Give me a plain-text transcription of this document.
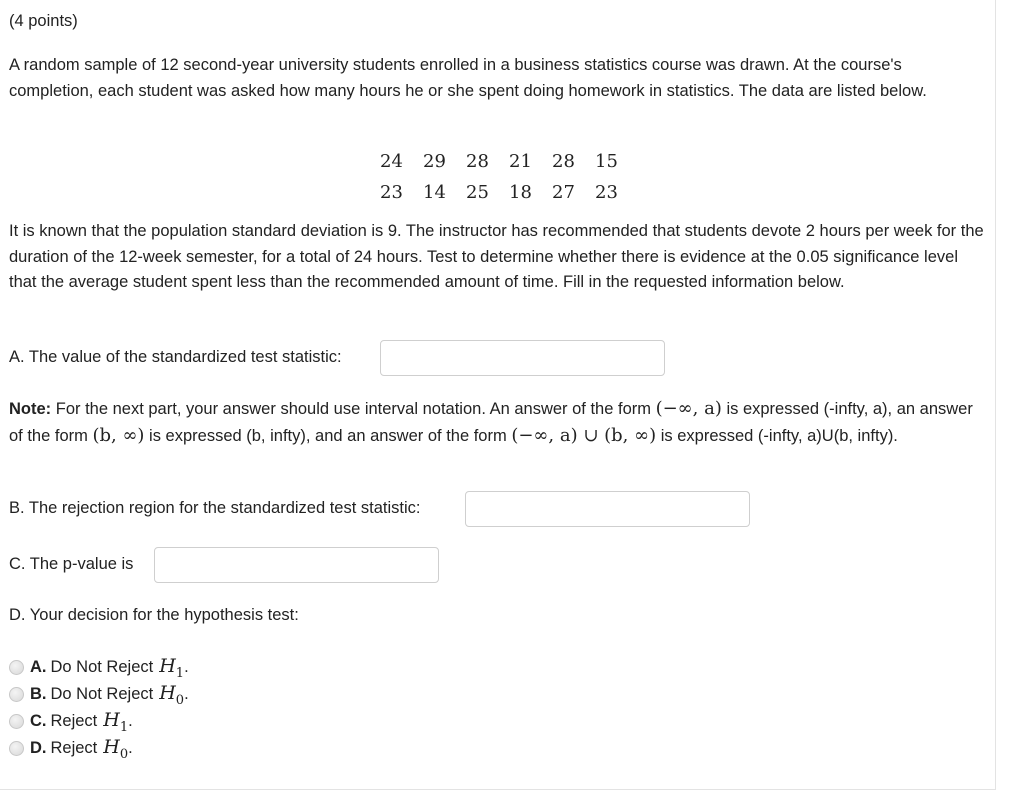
(4 points)
A random sample of 12 second-year university students enrolled in a business statistics course was drawn. At the course's completion, each student was asked how many hours he or she spent doing homework in statistics. The data are listed below.
24	29	28	21	28	15
23	14	25	18	27	23
It is known that the population standard deviation is 9. The instructor has recommended that students devote 2 hours per week for the duration of the 12-week semester, for a total of 24 hours. Test to determine whether there is evidence at the 0.05 significance level that the average student spent less than the recommended amount of time. Fill in the requested information below.
A. The value of the standardized test statistic:
Note: For the next part, your answer should use interval notation. An answer of the form (−∞, a) is expressed (-infty, a), an answer of the form (b, ∞) is expressed (b, infty), and an answer of the form (−∞, a) ∪ (b, ∞) is expressed (-infty, a)U(b, infty).
B. The rejection region for the standardized test statistic:
C. The p-value is
D. Your decision for the hypothesis test:
A. Do Not Reject $H_1$ .
B. Do Not Reject $H_0$ .
C. Reject $H_1$ .
D. Reject $H_0$ .
